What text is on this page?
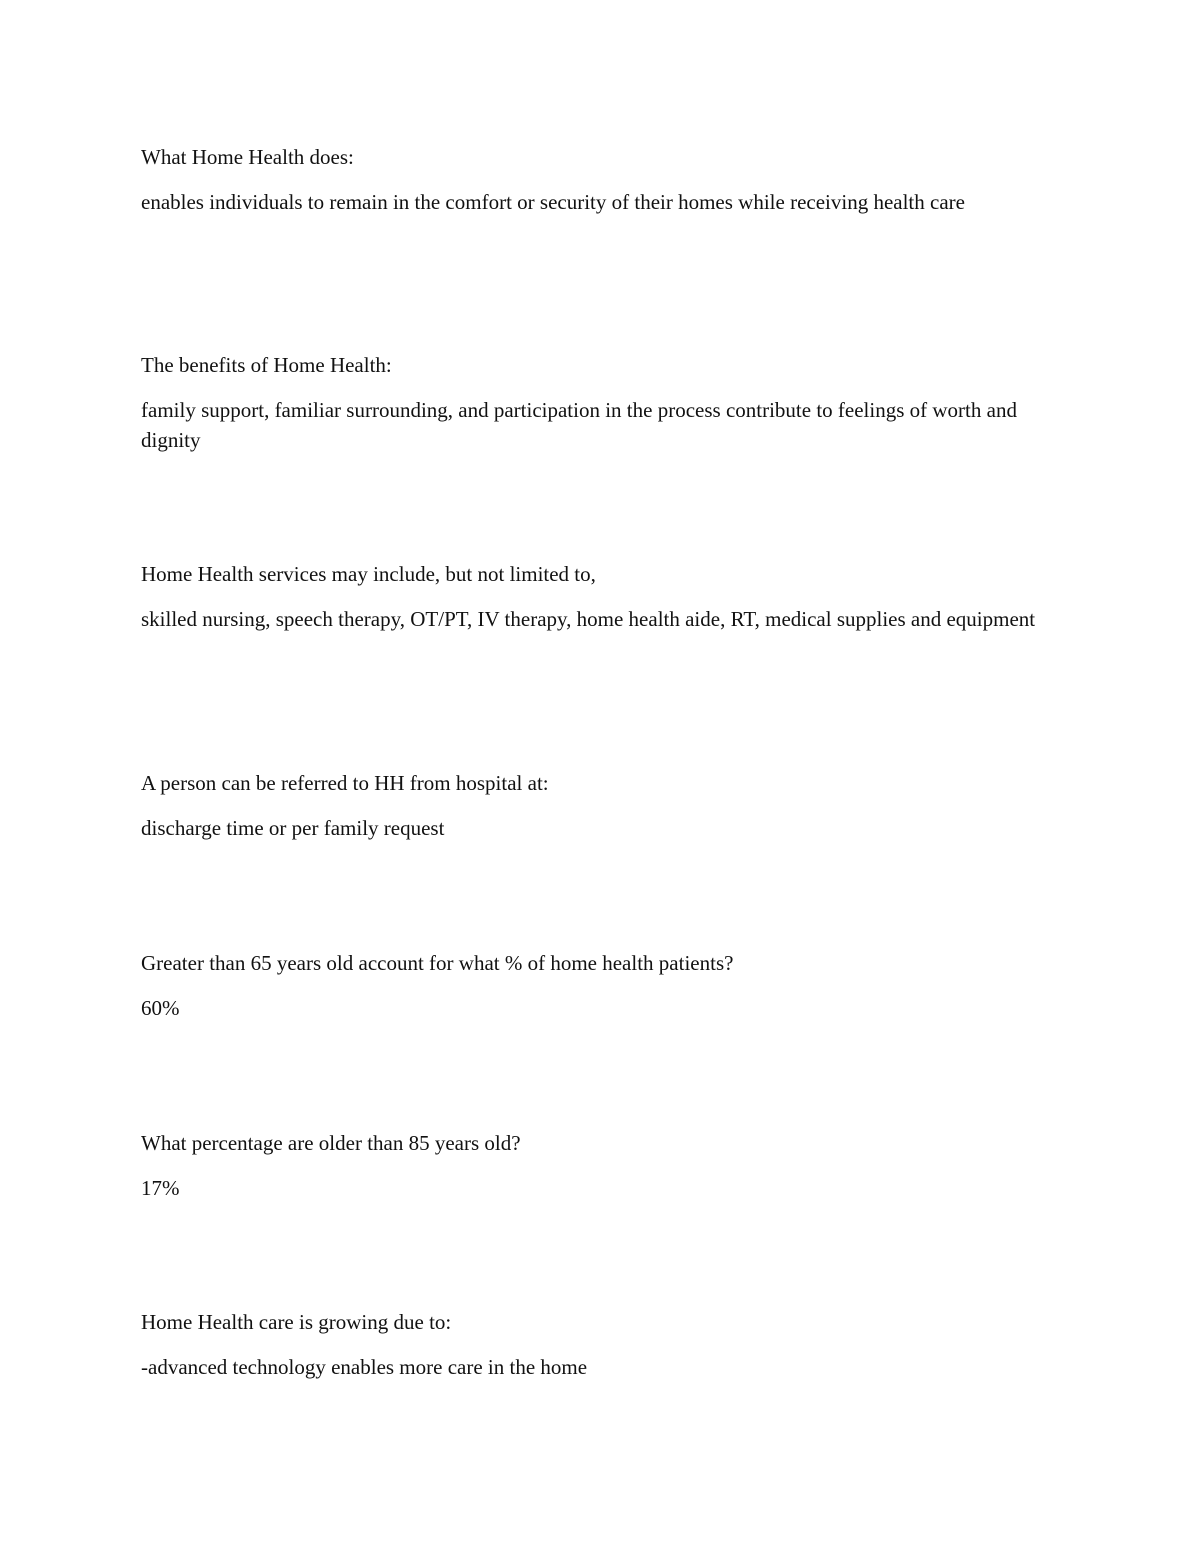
What Home Health does:

enables individuals to remain in the comfort or security of their homes while receiving health care

The benefits of Home Health:

family support, familiar surrounding, and participation in the process contribute to feelings of worth and dignity

Home Health services may include, but not limited to,

skilled nursing, speech therapy, OT/PT, IV therapy, home health aide, RT, medical supplies and equipment

A person can be referred to HH from hospital at:

discharge time or per family request

Greater than 65 years old account for what % of home health patients?

60%

What percentage are older than 85 years old?

17%

Home Health care is growing due to:

-advanced technology enables more care in the home
